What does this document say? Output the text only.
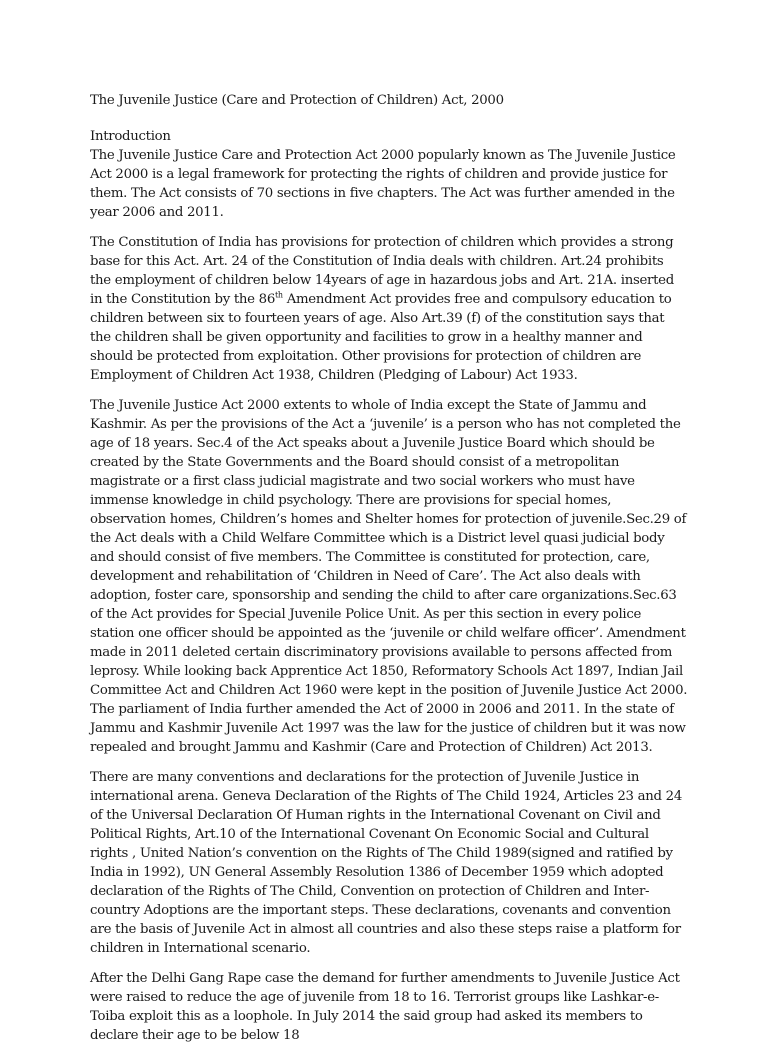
The Juvenile Justice (Care and Protection of Children) Act, 2000
Introduction

The Juvenile Justice Care and Protection Act 2000 popularly known as The Juvenile Justice Act 2000 is a legal framework for protecting the rights of children and provide justice for them. The Act consists of 70 sections in five chapters. The Act was further amended in the year 2006 and 2011.

The Constitution of India has provisions for protection of children which provides a strong base for this Act. Art. 24 of the Constitution of India deals with children. Art.24 prohibits the employment of children below 14years of age in hazardous jobs and Art. 21A. inserted in the Constitution by the 86th Amendment Act provides free and compulsory education to children between six to fourteen years of age. Also Art.39 (f) of the constitution says that the children shall be given opportunity and facilities to grow in a healthy manner and should be protected from exploitation. Other provisions for protection of children are Employment of Children Act 1938, Children (Pledging of Labour) Act 1933.

The Juvenile Justice Act 2000 extents to whole of India except the State of Jammu and Kashmir. As per the provisions of the Act a ‘juvenile’ is a person who has not completed the age of 18 years. Sec.4 of the Act speaks about a Juvenile Justice Board which should be created by the State Governments and the Board should consist of a metropolitan magistrate or a first class judicial magistrate and two social workers who must have immense knowledge in child psychology. There are provisions for special homes, observation homes, Children’s homes and Shelter homes for protection of juvenile.Sec.29 of the Act deals with a Child Welfare Committee which is a District level quasi judicial body and should consist of five members. The Committee is constituted for protection, care, development and rehabilitation of ‘Children in Need of Care’. The Act also deals with adoption, foster care, sponsorship and sending the child to after care organizations.Sec.63 of the Act provides for Special Juvenile Police Unit. As per this section in every police station one officer should be appointed as the ‘juvenile or child welfare officer’. Amendment made in 2011 deleted certain discriminatory provisions available to persons affected from leprosy. While looking back Apprentice Act 1850, Reformatory Schools Act 1897, Indian Jail Committee Act and Children Act 1960 were kept in the position of Juvenile Justice Act 2000. The parliament of India further amended the Act of 2000 in 2006 and 2011. In the state of Jammu and Kashmir Juvenile Act 1997 was the law for the justice of children but it was now repealed and brought Jammu and Kashmir (Care and Protection of Children) Act 2013.

There are many conventions and declarations for the protection of Juvenile Justice in international arena. Geneva Declaration of the Rights of The Child 1924, Articles 23 and 24 of the Universal Declaration Of Human rights in the International Covenant on Civil and Political Rights, Art.10 of the International Covenant On Economic Social and Cultural rights , United Nation’s convention on the Rights of The Child 1989(signed and ratified by India in 1992), UN General Assembly Resolution 1386 of December 1959 which adopted declaration of the Rights of The Child, Convention on protection of Children and Inter-country Adoptions are the important steps. These declarations, covenants and convention are the basis of Juvenile Act in almost all countries and also these steps raise a platform for children in International scenario.

After the Delhi Gang Rape case the demand for further amendments to Juvenile Justice Act were raised to reduce the age of juvenile from 18 to 16. Terrorist groups like Lashkar-e-Toiba exploit this as a loophole. In July 2014 the said group had asked its members to declare their age to be below 18
